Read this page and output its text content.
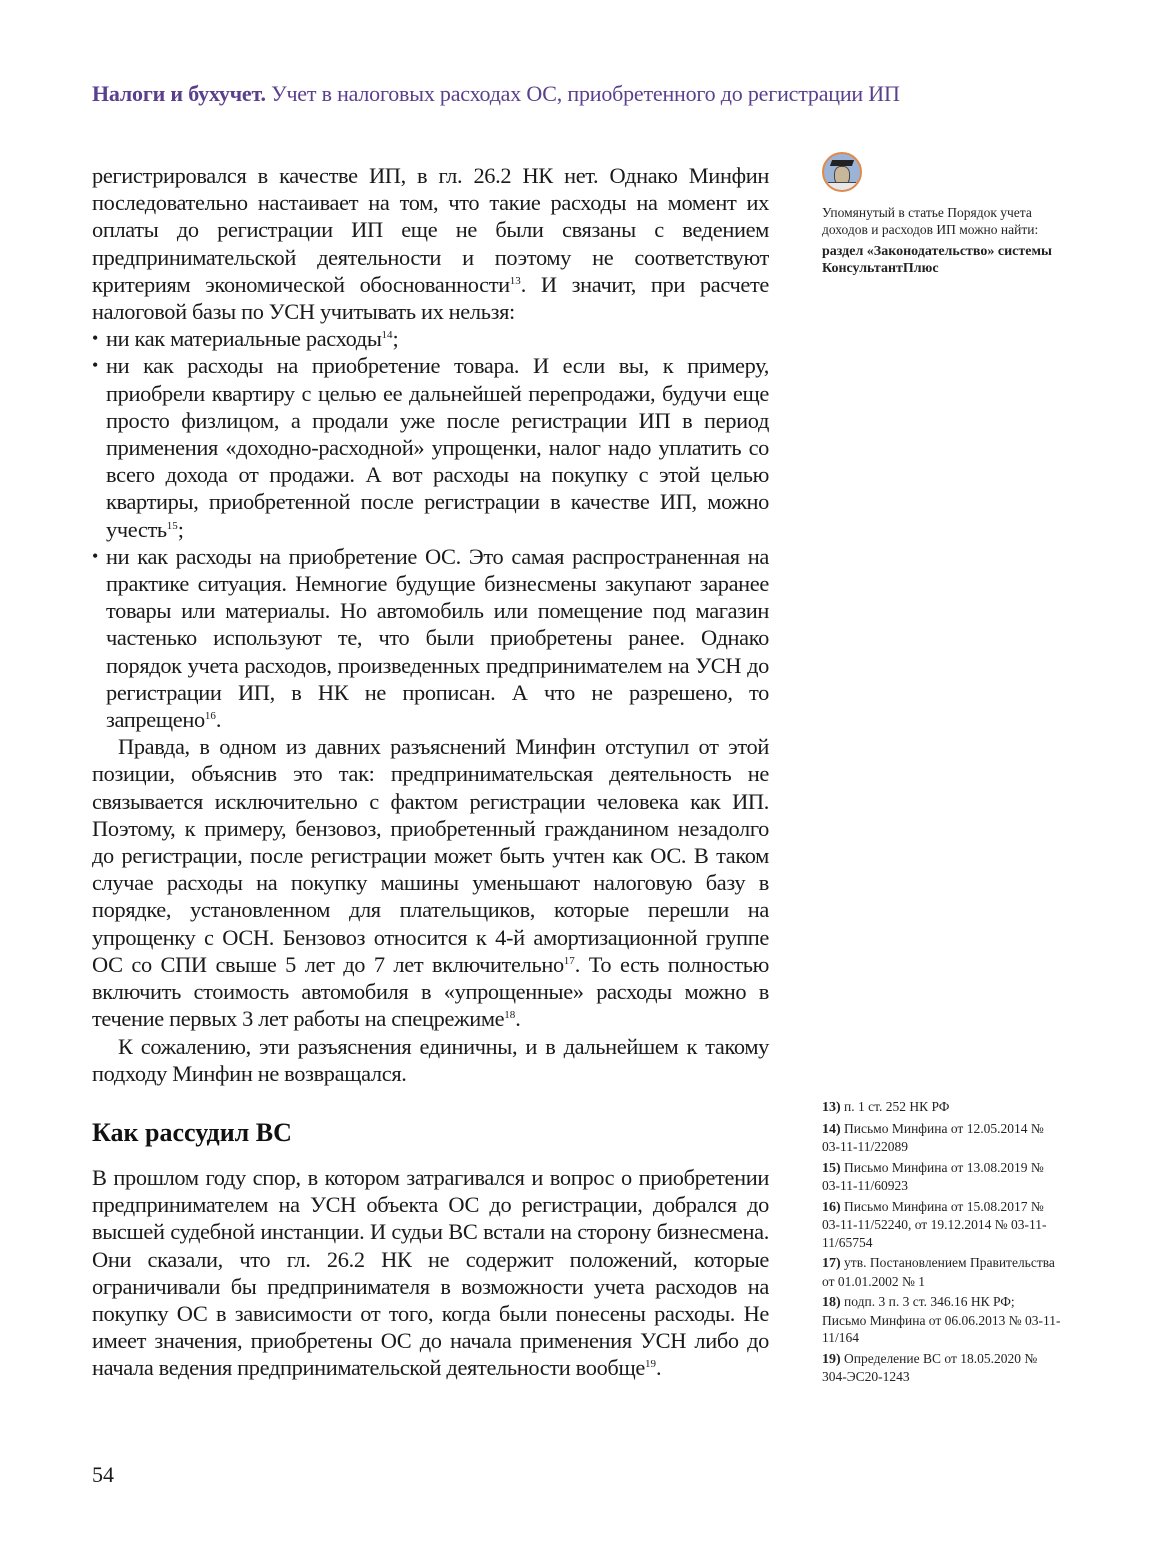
Налоги и бухучет. Учет в налоговых расходах ОС, приобретенного до регистрации ИП

регистрировался в качестве ИП, в гл. 26.2 НК нет. Однако Минфин последовательно настаивает на том, что такие расходы на момент их оплаты до регистрации ИП еще не были связаны с ведением предпринимательской деятельности и поэтому не соответствуют критериям экономической обоснованности$^{13}$. И значит, при расчете налоговой базы по УСН учитывать их нельзя:

• ни как материальные расходы$^{14}$;
• ни как расходы на приобретение товара. И если вы, к примеру, приобрели квартиру с целью ее дальнейшей перепродажи, будучи еще просто физлицом, а продали уже после регистрации ИП в период применения «доходно-расходной» упрощенки, налог надо уплатить со всего дохода от продажи. А вот расходы на покупку с этой целью квартиры, приобретенной после регистрации в качестве ИП, можно учесть$^{15}$;
• ни как расходы на приобретение ОС. Это самая распространенная на практике ситуация. Немногие будущие бизнесмены закупают заранее товары или материалы. Но автомобиль или помещение под магазин частенько используют те, что были приобретены ранее. Однако порядок учета расходов, произведенных предпринимателем на УСН до регистрации ИП, в НК не прописан. А что не разрешено, то запрещено$^{16}$.

Правда, в одном из давних разъяснений Минфин отступил от этой позиции, объяснив это так: предпринимательская деятельность не связывается исключительно с фактом регистрации человека как ИП. Поэтому, к примеру, бензовоз, приобретенный гражданином незадолго до регистрации, после регистрации может быть учтен как ОС. В таком случае расходы на покупку машины уменьшают налоговую базу в порядке, установленном для плательщиков, которые перешли на упрощенку с ОСН. Бензовоз относится к 4-й амортизационной группе ОС со СПИ свыше 5 лет до 7 лет включительно$^{17}$. То есть полностью включить стоимость автомобиля в «упрощенные» расходы можно в течение первых 3 лет работы на спецрежиме$^{18}$.

К сожалению, эти разъяснения единичны, и в дальнейшем к такому подходу Минфин не возвращался.

Как рассудил ВС

В прошлом году спор, в котором затрагивался и вопрос о приобретении предпринимателем на УСН объекта ОС до регистрации, добрался до высшей судебной инстанции. И судьи ВС встали на сторону бизнесмена. Они сказали, что гл. 26.2 НК не содержит положений, которые ограничивали бы предпринимателя в возможности учета расходов на покупку ОС в зависимости от того, когда были понесены расходы. Не имеет значения, приобретены ОС до начала применения УСН либо до начала ведения предпринимательской деятельности вообще$^{19}$.

Упомянутый в статье Порядок учета доходов и расходов ИП можно найти:
раздел «Законодательство» системы КонсультантПлюс
13) п. 1 ст. 252 НК РФ
14) Письмо Минфина от 12.05.2014 № 03-11-11/22089
15) Письмо Минфина от 13.08.2019 № 03-11-11/60923
16) Письмо Минфина от 15.08.2017 № 03-11-11/52240, от 19.12.2014 № 03-11-11/65754
17) утв. Постановлением Правительства от 01.01.2002 № 1
18) подп. 3 п. 3 ст. 346.16 НК РФ; Письмо Минфина от 06.06.2013 № 03-11-11/164
19) Определение ВС от 18.05.2020 № 304-ЭС20-1243
54
